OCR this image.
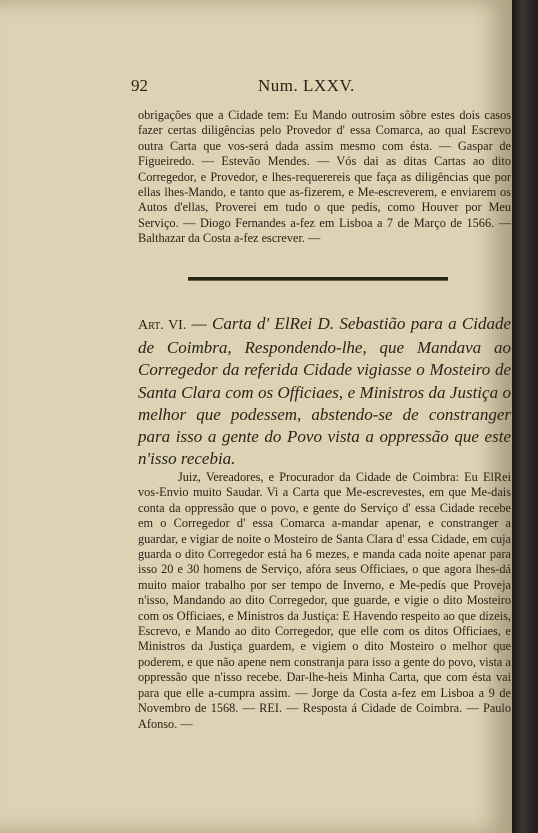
92	Num. LXXV.

obrigações que a Cidade tem: Eu Mando outrosim sôbre estes dois casos fazer certas diligências pelo Provedor d' essa Comarca, ao qual Escrevo outra Carta que vos-será dada assim mesmo com ésta. — Gaspar de Figueiredo. — Estevão Mendes. — Vós dai as ditas Cartas ao dito Corregedor, e Provedor, e lhes-requerereis que faça as diligências que por ellas lhes-Mando, e tanto que as-fizerem, e Me-escreverem, e enviarem os Autos d'ellas, Proverei em tudo o que pedís, como Houver por Meu Serviço. — Diogo Fernandes a-fez em Lisboa a 7 de Março de 1566. — Balthazar da Costa a-fez escrever. —

Art. VI. — Carta d' ElRei D. Sebastião para a Cidade de Coimbra, Respondendo-lhe, que Mandava ao Corregedor da referida Cidade vigiasse o Mosteiro de Santa Clara com os Officiaes, e Ministros da Justiça o melhor que podessem, abstendo-se de constranger para isso a gente do Povo vista a oppressão que este n'isso recebia.

Juiz, Vereadores, e Procurador da Cidade de Coimbra: Eu ElRei vos-Envio muito Saudar. Vi a Carta que Me-escrevestes, em que Me-dais conta da oppressão que o povo, e gente do Serviço d' essa Cidade recebe em o Corregedor d' essa Comarca a-mandar apenar, e constranger a guardar, e vigiar de noite o Mosteiro de Santa Clara d' essa Cidade, em cuja guarda o dito Corregedor está ha 6 mezes, e manda cada noite apenar para isso 20 e 30 homens de Serviço, afóra seus Officiaes, o que agora lhes-dá muito maior trabalho por ser tempo de Inverno, e Me-pedís que Proveja n'isso, Mandando ao dito Corregedor, que guarde, e vigie o dito Mosteiro com os Officiaes, e Ministros da Justiça: E Havendo respeito ao que dizeis, Escrevo, e Mando ao dito Corregedor, que elle com os ditos Officiaes, e Ministros da Justiça guardem, e vigiem o dito Mosteiro o melhor que poderem, e que não apene nem constranja para isso a gente do povo, vista a oppressão que n'isso recebe. Dar-lhe-heis Minha Carta, que com ésta vai para que elle a-cumpra assim. — Jorge da Costa a-fez em Lisboa a 9 de Novembro de 1568. — REI. — Resposta á Cidade de Coimbra. — Paulo Afonso. —
